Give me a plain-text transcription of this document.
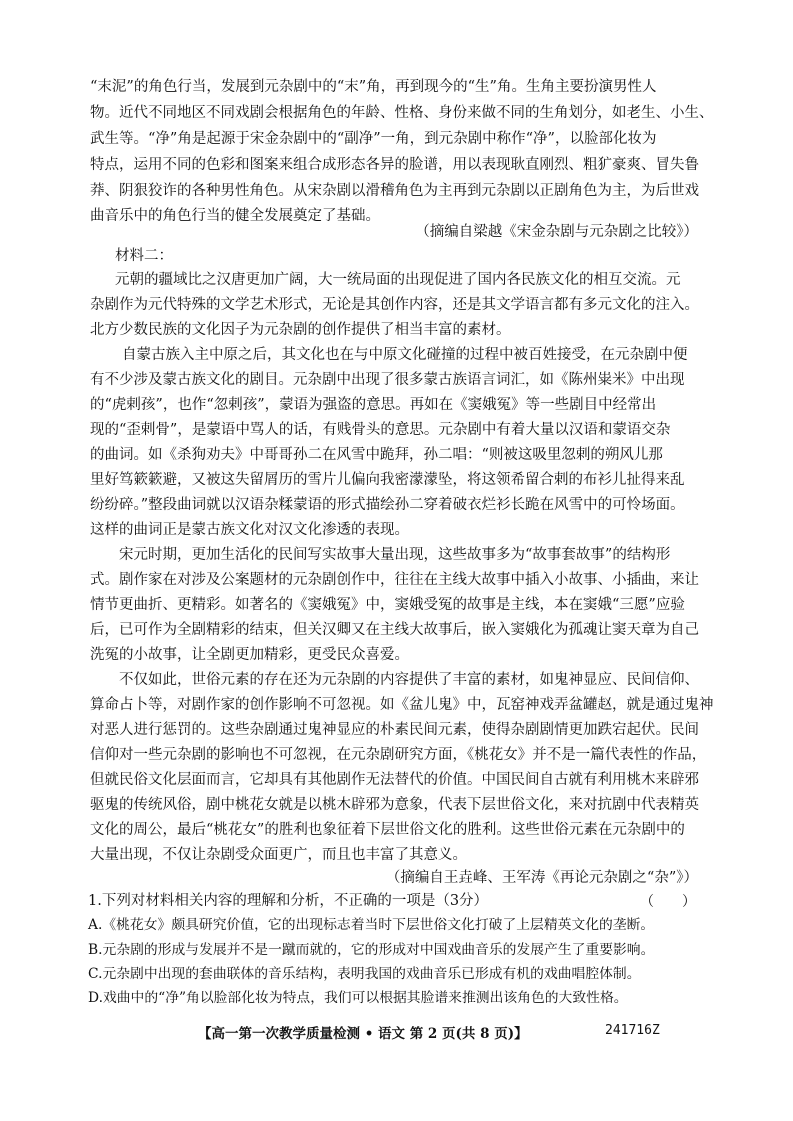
“末泥”的角色行当，发展到元杂剧中的“末”角，再到现今的“生”角。生角主要扮演男性人
物。近代不同地区不同戏剧会根据角色的年龄、性格、身份来做不同的生角划分，如老生、小生、
武生等。“净”角是起源于宋金杂剧中的“副净”一角，到元杂剧中称作“净”，以脸部化妆为
特点，运用不同的色彩和图案来组合成形态各异的脸谱，用以表现耿直刚烈、粗犷豪爽、冒失鲁
莽、阴狠狡诈的各种男性角色。从宋杂剧以滑稽角色为主再到元杂剧以正剧角色为主，为后世戏
曲音乐中的角色行当的健全发展奠定了基础。
（摘编自梁越《宋金杂剧与元杂剧之比较》）
材料二：
元朝的疆域比之汉唐更加广阔，大一统局面的出现促进了国内各民族文化的相互交流。元
杂剧作为元代特殊的文学艺术形式，无论是其创作内容，还是其文学语言都有多元文化的注入。
北方少数民族的文化因子为元杂剧的创作提供了相当丰富的素材。
自蒙古族入主中原之后，其文化也在与中原文化碰撞的过程中被百姓接受，在元杂剧中便
有不少涉及蒙古族文化的剧目。元杂剧中出现了很多蒙古族语言词汇，如《陈州粜米》中出现
的“虎剌孩”，也作“忽剌孩”，蒙语为强盗的意思。再如在《窦娥冤》等一些剧目中经常出
现的“歪剌骨”，是蒙语中骂人的话，有贱骨头的意思。元杂剧中有着大量以汉语和蒙语交杂
的曲词。如《杀狗劝夫》中哥哥孙二在风雪中跪拜，孙二唱：“则被这吸里忽剌的朔风儿那
里好笃簌簌避，又被这失留屑历的雪片儿偏向我密濛濛坠，将这领希留合剌的布衫儿扯得来乱
纷纷碎。”整段曲词就以汉语杂糅蒙语的形式描绘孙二穿着破衣烂衫长跪在风雪中的可怜场面。
这样的曲词正是蒙古族文化对汉文化渗透的表现。
宋元时期，更加生活化的民间写实故事大量出现，这些故事多为“故事套故事”的结构形
式。剧作家在对涉及公案题材的元杂剧创作中，往往在主线大故事中插入小故事、小插曲，来让
情节更曲折、更精彩。如著名的《窦娥冤》中，窦娥受冤的故事是主线，本在窦娥“三愿”应验
后，已可作为全剧精彩的结束，但关汉卿又在主线大故事后，嵌入窦娥化为孤魂让窦天章为自己
洗冤的小故事，让全剧更加精彩，更受民众喜爱。
不仅如此，世俗元素的存在还为元杂剧的内容提供了丰富的素材，如鬼神显应、民间信仰、
算命占卜等，对剧作家的创作影响不可忽视。如《盆儿鬼》中，瓦窑神戏弄盆罐赵，就是通过鬼神
对恶人进行惩罚的。这些杂剧通过鬼神显应的朴素民间元素，使得杂剧剧情更加跌宕起伏。民间
信仰对一些元杂剧的影响也不可忽视，在元杂剧研究方面，《桃花女》并不是一篇代表性的作品，
但就民俗文化层面而言，它却具有其他剧作无法替代的价值。中国民间自古就有利用桃木来辟邪
驱鬼的传统风俗，剧中桃花女就是以桃木辟邪为意象，代表下层世俗文化，来对抗剧中代表精英
文化的周公，最后“桃花女”的胜利也象征着下层世俗文化的胜利。这些世俗元素在元杂剧中的
大量出现，不仅让杂剧受众面更广，而且也丰富了其意义。
（摘编自王垚峰、王军涛《再论元杂剧之“杂”》）
1.下列对材料相关内容的理解和分析，不正确的一项是（3分）	（　　）
A.《桃花女》颇具研究价值，它的出现标志着当时下层世俗文化打破了上层精英文化的垄断。
B.元杂剧的形成与发展并不是一蹴而就的，它的形成对中国戏曲音乐的发展产生了重要影响。
C.元杂剧中出现的套曲联体的音乐结构，表明我国的戏曲音乐已形成有机的戏曲唱腔体制。
D.戏曲中的“净”角以脸部化妆为特点，我们可以根据其脸谱来推测出该角色的大致性格。
【高一第一次教学质量检测 • 语文 第 2 页(共 8 页)】	241716Z
